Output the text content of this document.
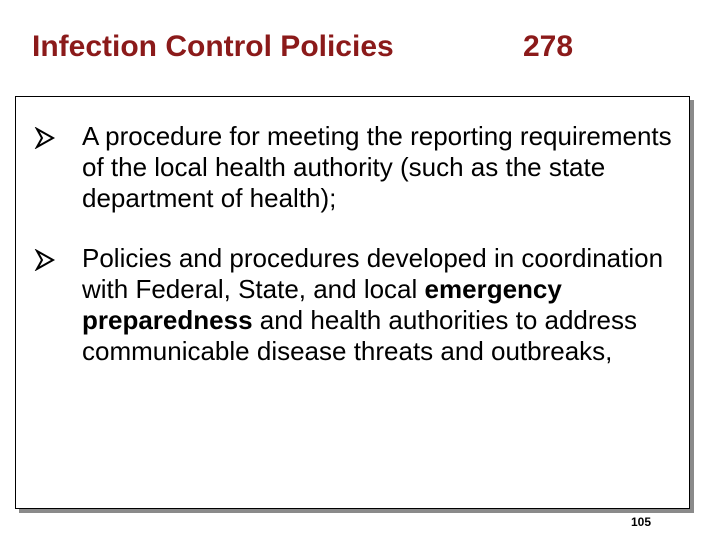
Infection Control Policies	278
A procedure for meeting the reporting requirements of the local health authority (such as the state department of health);
Policies and procedures developed in coordination with Federal, State, and local emergency preparedness and health authorities to address communicable disease threats and outbreaks,
105
